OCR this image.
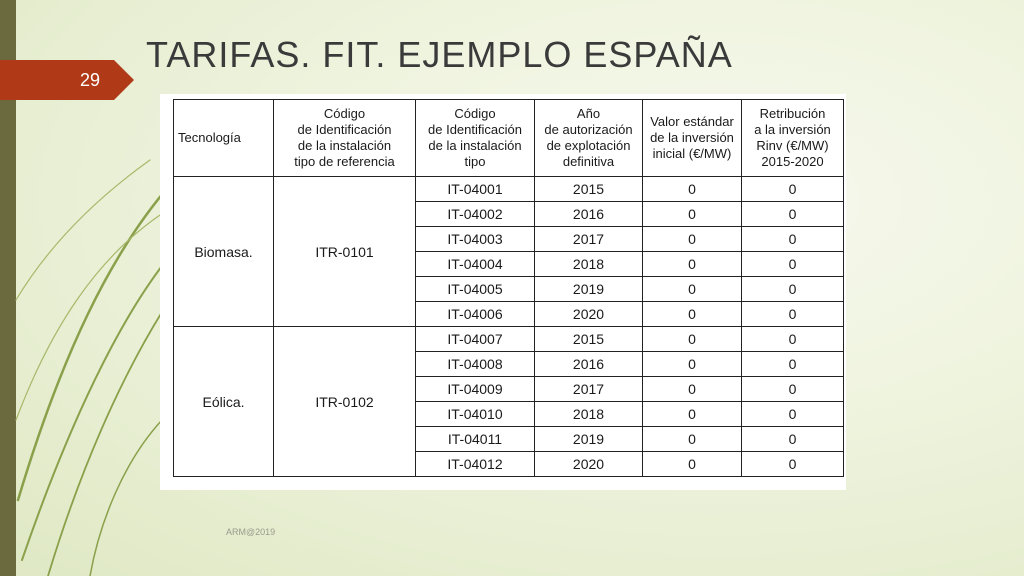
29
TARIFAS. FIT. EJEMPLO ESPAÑA
Tecnología	Código
de Identificación
de la instalación
tipo de referencia	Código
de Identificación
de la instalación
tipo	Año
de autorización
de explotación
definitiva	Valor estándar
de la inversión
inicial (€/MW)	Retribución
a la inversión
Rinv (€/MW)
2015-2020
Biomasa.	ITR-0101	IT-04001	2015	0	0
		IT-04002	2016	0	0
		IT-04003	2017	0	0
		IT-04004	2018	0	0
		IT-04005	2019	0	0
		IT-04006	2020	0	0
Eólica.	ITR-0102	IT-04007	2015	0	0
		IT-04008	2016	0	0
		IT-04009	2017	0	0
		IT-04010	2018	0	0
		IT-04011	2019	0	0
		IT-04012	2020	0	0
ARM@2019
